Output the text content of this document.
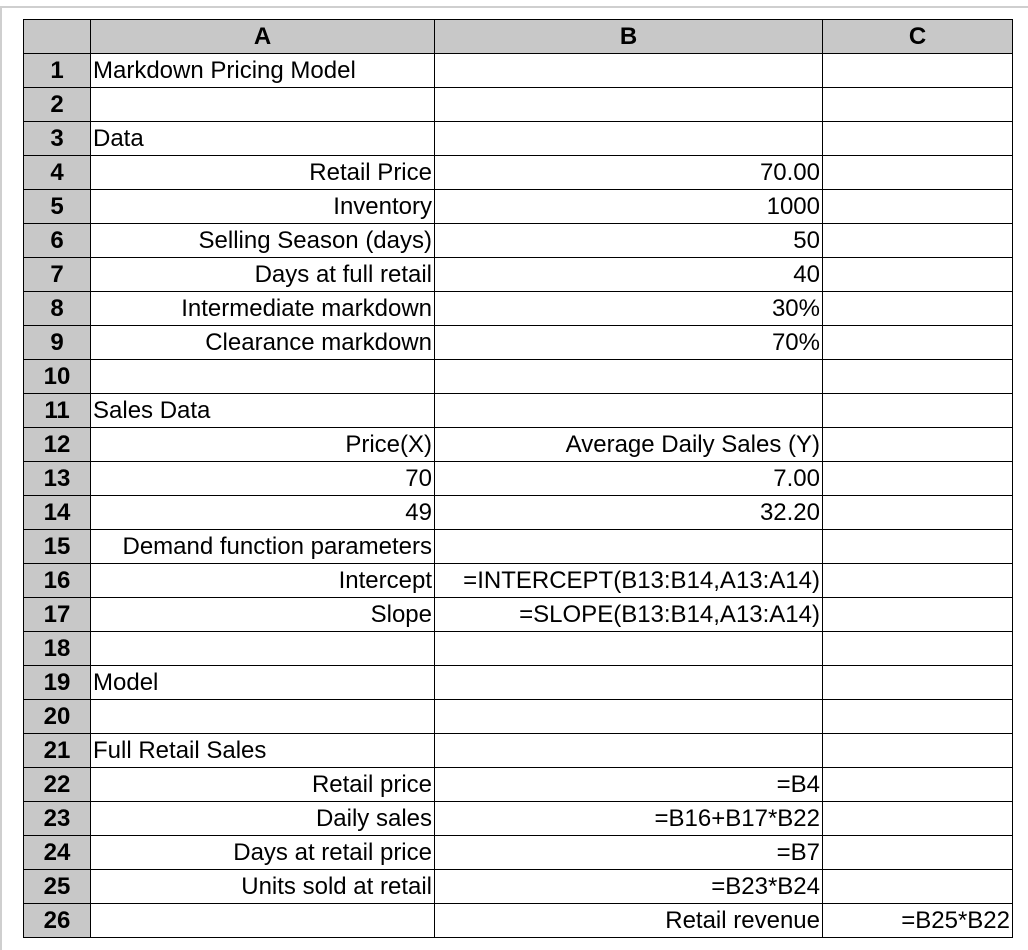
	A	B	C
1	Markdown Pricing Model		
2			
3	Data		
4	Retail Price	70.00	
5	Inventory	1000	
6	Selling Season (days)	50	
7	Days at full retail	40	
8	Intermediate markdown	30%	
9	Clearance markdown	70%	
10			
11	Sales Data		
12	Price(X)	Average Daily Sales (Y)	
13	70	7.00	
14	49	32.20	
15	Demand function parameters		
16	Intercept	=INTERCEPT(B13:B14,A13:A14)	
17	Slope	=SLOPE(B13:B14,A13:A14)	
18			
19	Model		
20			
21	Full Retail Sales		
22	Retail price	=B4	
23	Daily sales	=B16+B17*B22	
24	Days at retail price	=B7	
25	Units sold at retail	=B23*B24	
26		Retail revenue	=B25*B22
